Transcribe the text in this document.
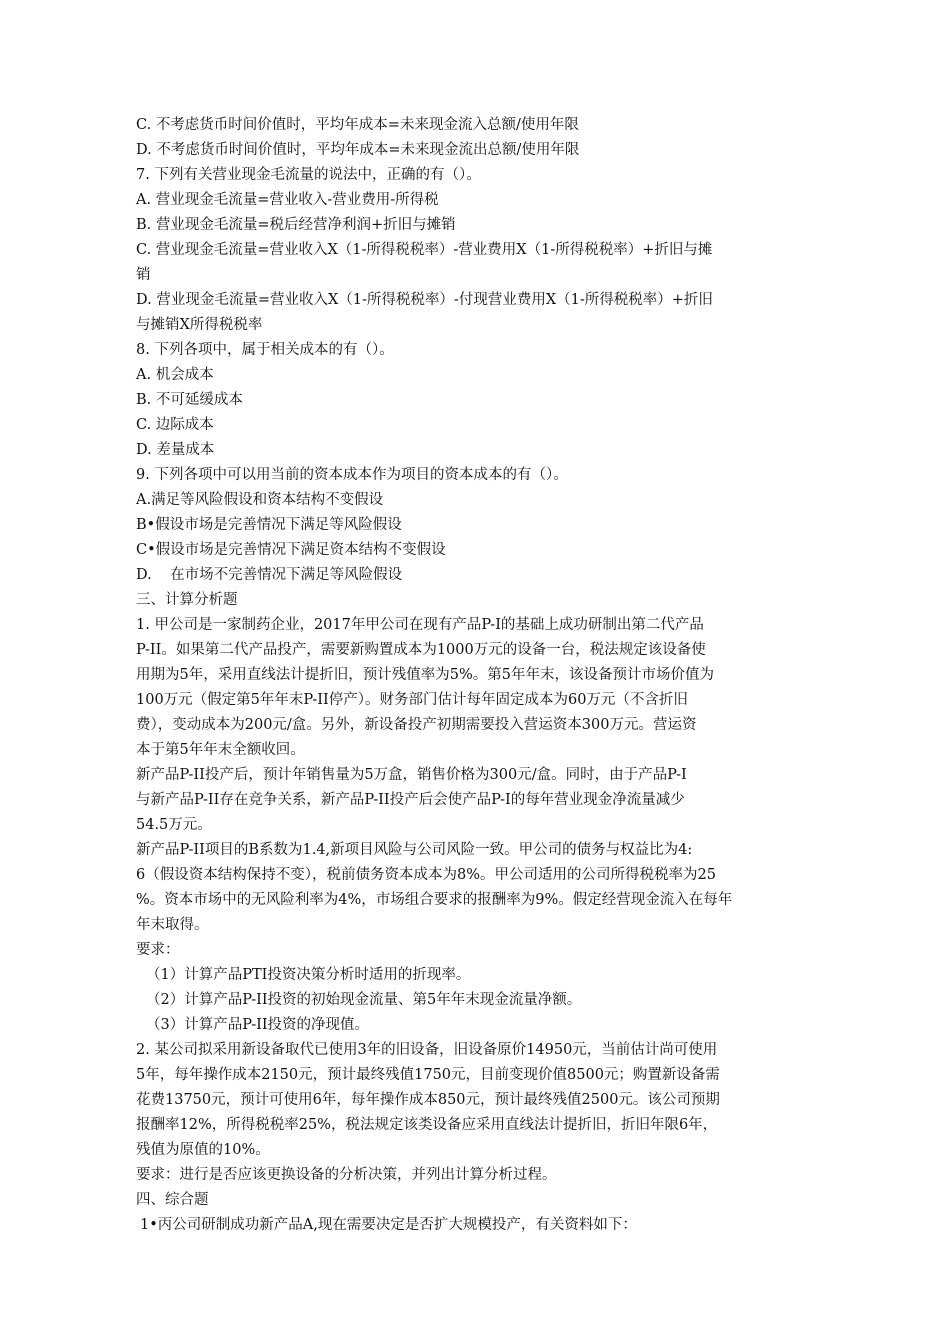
C. 不考虑货币时间价值时，平均年成本=未来现金流入总额/使用年限

D. 不考虑货币时间价值时，平均年成本=未来现金流出总额/使用年限

7. 下列有关营业现金毛流量的说法中，正确的有（）。

A. 营业现金毛流量=营业收入-营业费用-所得税

B. 营业现金毛流量=税后经营净利润+折旧与摊销

C. 营业现金毛流量=营业收入X（1-所得税税率）-营业费用X（1-所得税税率）+折旧与摊

销

D. 营业现金毛流量=营业收入X（1-所得税税率）-付现营业费用X（1-所得税税率）+折旧

与摊销X所得税税率

8. 下列各项中，属于相关成本的有（）。

A. 机会成本

B. 不可延缓成本

C. 边际成本

D. 差量成本

9. 下列各项中可以用当前的资本成本作为项目的资本成本的有（）。

A.满足等风险假设和资本结构不变假设

B•假设市场是完善情况下满足等风险假设

C•假设市场是完善情况下满足资本结构不变假设

D.    在市场不完善情况下满足等风险假设

三、计算分析题

1. 甲公司是一家制药企业，2017年甲公司在现有产品P-I的基础上成功研制出第二代产品

P-II。如果第二代产品投产，需要新购置成本为1000万元的设备一台，税法规定该设备使

用期为5年，采用直线法计提折旧，预计残值率为5%。第5年年末，该设备预计市场价值为

100万元（假定第5年年末P-II停产）。财务部门估计每年固定成本为60万元（不含折旧

费），变动成本为200元/盒。另外，新设备投产初期需要投入营运资本300万元。营运资

本于第5年年末全额收回。

新产品P-II投产后，预计年销售量为5万盒，销售价格为300元/盒。同时，由于产品P-I

与新产品P-II存在竞争关系，新产品P-II投产后会使产品P-I的每年营业现金净流量减少

54.5万元。

新产品P-II项目的B系数为1.4,新项目风险与公司风险一致。甲公司的债务与权益比为4:

6（假设资本结构保持不变），税前债务资本成本为8%。甲公司适用的公司所得税税率为25

%。资本市场中的无风险利率为4%，市场组合要求的报酬率为9%。假定经营现金流入在每年

年末取得。

要求：

（1）计算产品PTI投资决策分析时适用的折现率。

（2）计算产品P-II投资的初始现金流量、第5年年末现金流量净额。

（3）计算产品P-II投资的净现值。

2. 某公司拟采用新设备取代已使用3年的旧设备，旧设备原价14950元，当前估计尚可使用

5年，每年操作成本2150元，预计最终残值1750元，目前变现价值8500元；购置新设备需

花费13750元，预计可使用6年，每年操作成本850元，预计最终残值2500元。该公司预期

报酬率12%，所得税税率25%，税法规定该类设备应采用直线法计提折旧，折旧年限6年，

残值为原值的10%。

要求：进行是否应该更换设备的分析决策，并列出计算分析过程。

四、综合题

1•丙公司研制成功新产品A,现在需要决定是否扩大规模投产，有关资料如下：
